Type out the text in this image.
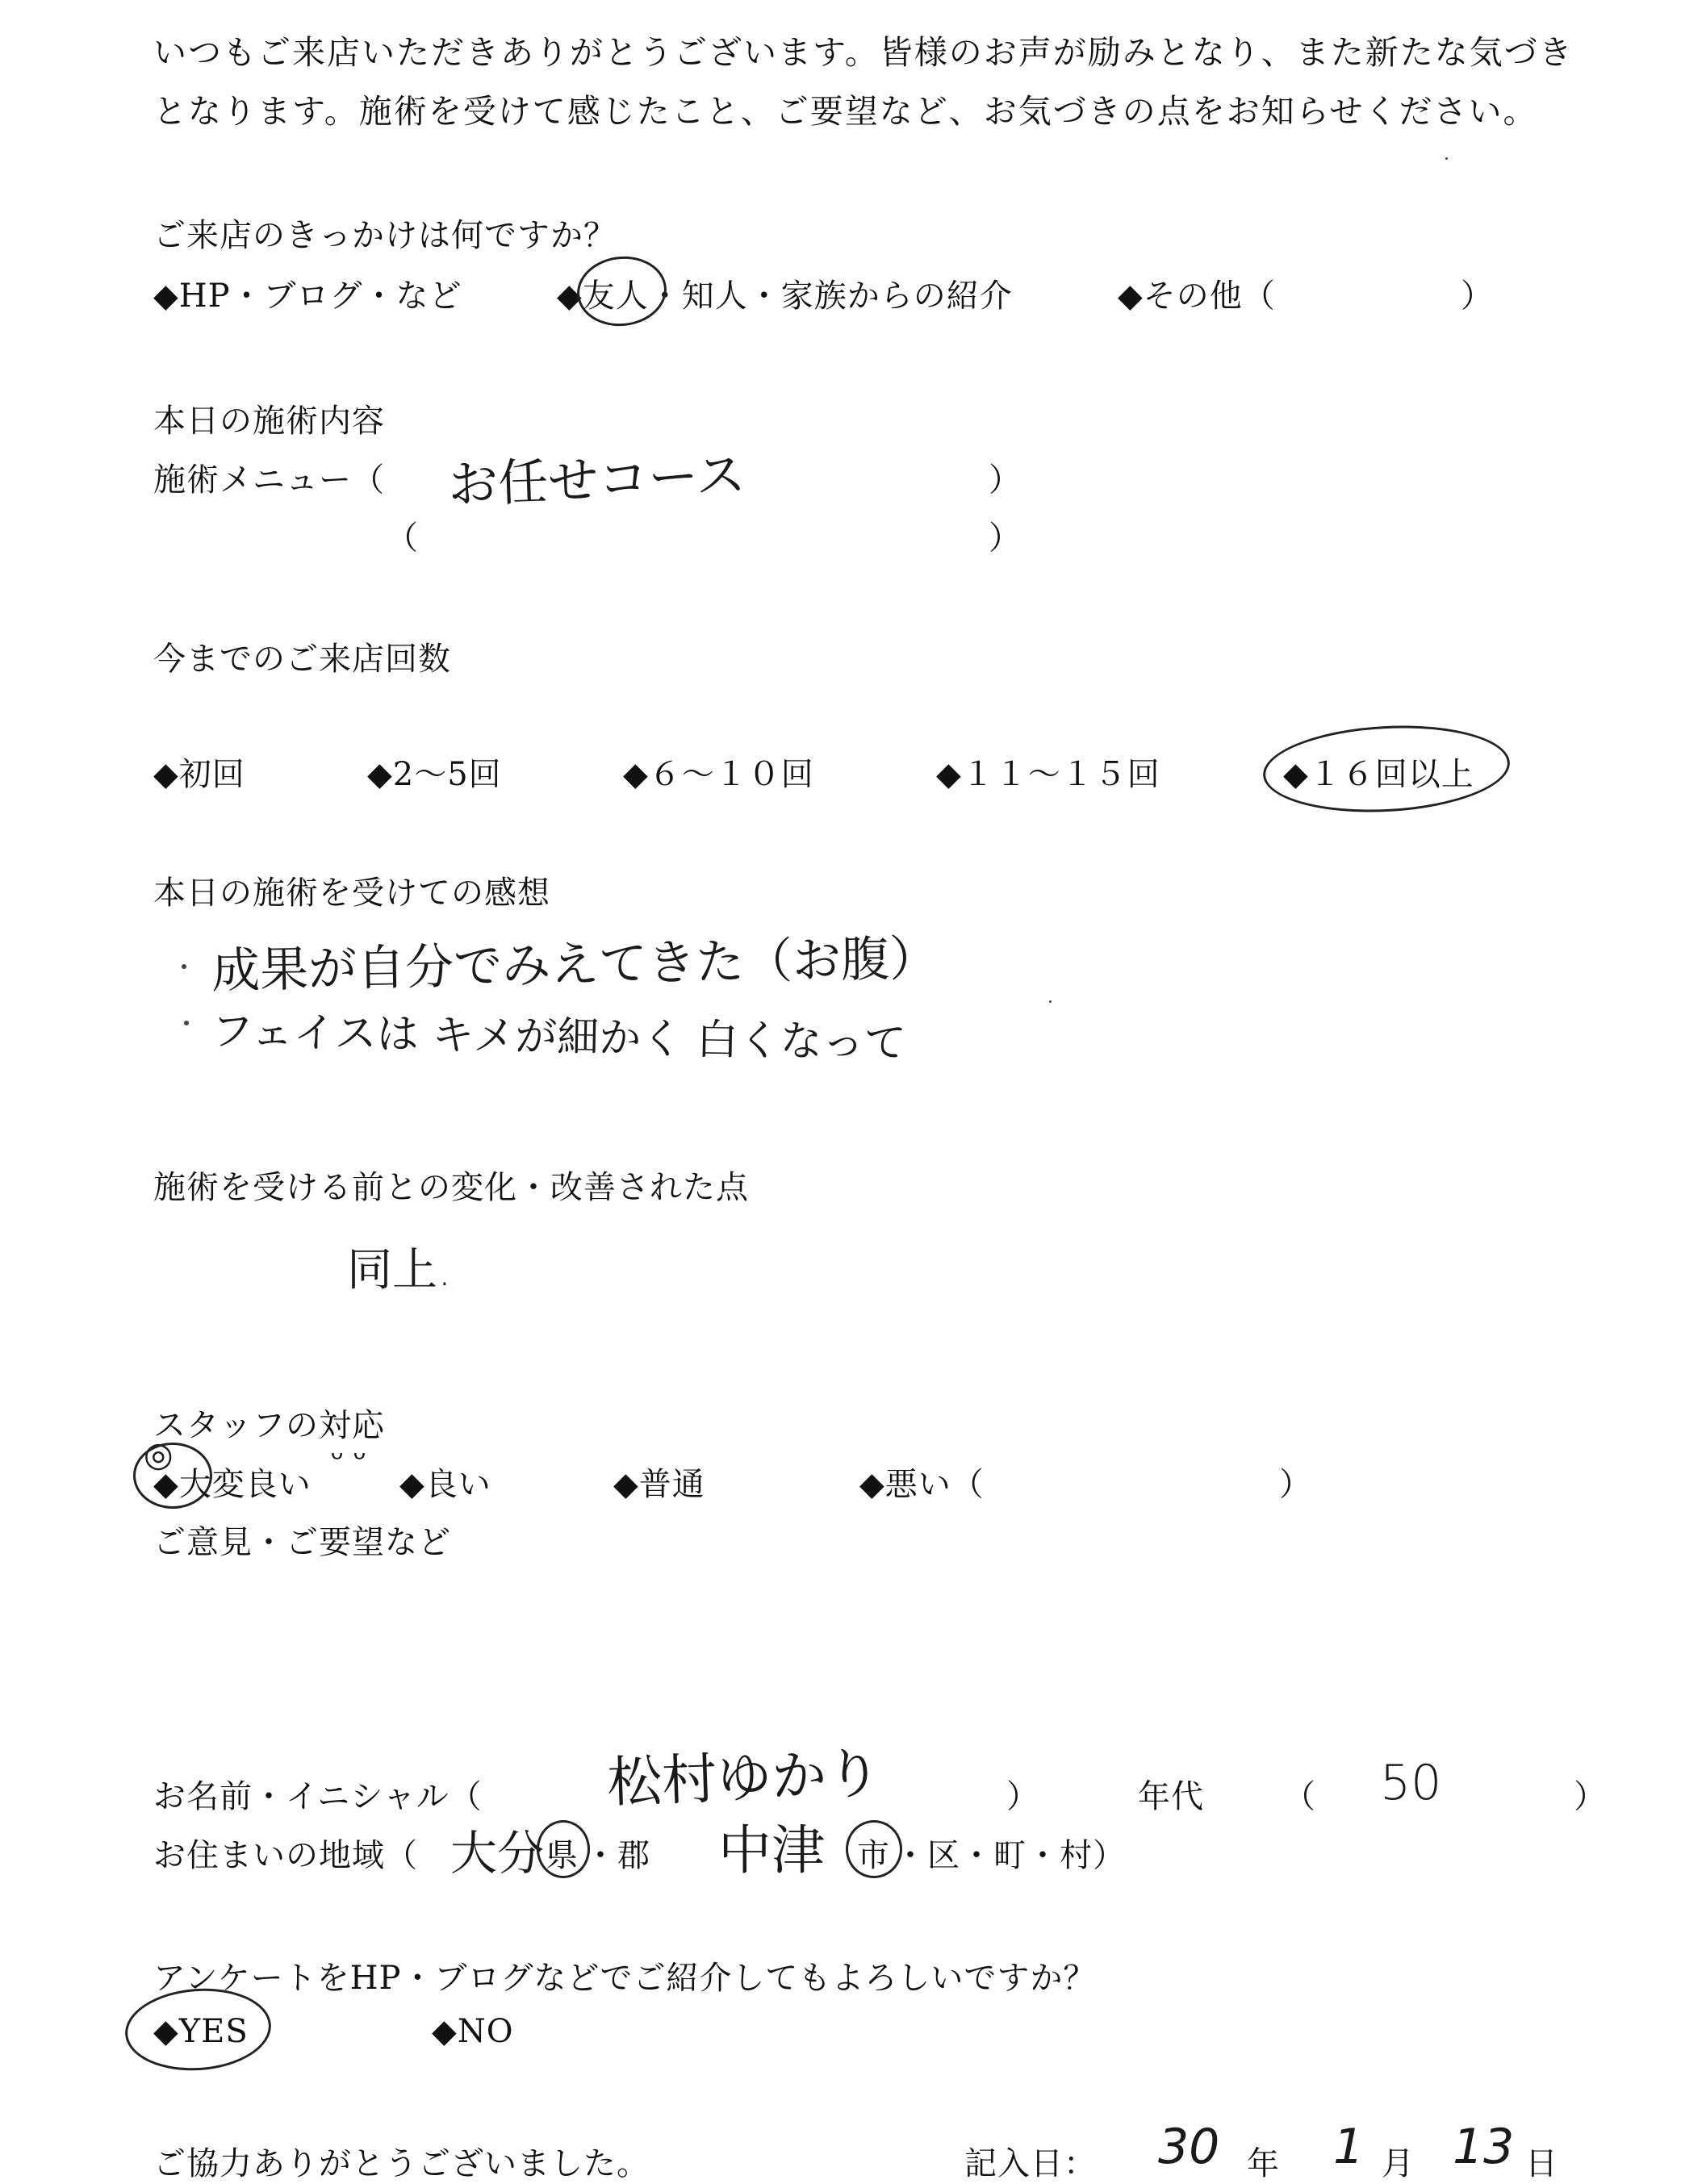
いつもご来店いただきありがとうございます。皆様のお声が励みとなり、また新たな気づき
となります。施術を受けて感じたこと、ご要望など、お気づきの点をお知らせください。
ご来店のきっかけは何ですか？
◆HP・ブログ・など	◆友人・知人・家族からの紹介	◆その他（	）
本日の施術内容
施術メニュー（	）
（	）
お任せコース
今までのご来店回数
◆初回	◆2〜5回	◆６〜１０回	◆１１〜１５回	◆１６回以上
本日の施術を受けての感想
成果が自分でみえてきた（お腹）
フェイスは キメが細かく 白くなって
施術を受ける前との変化・改善された点
同上.
スタッフの対応
◎
◆大変良い
ᵕ ᵕ
◆良い	◆普通	◆悪い（	）
ご意見・ご要望など
お名前・イニシャル（ 松村ゆかり	）	年代 （ 50	）
お住まいの地域（ 大分 県 ・郡 中津 市 ・区・町・村）
アンケートをHP・ブログなどでご紹介してもよろしいですか？
◆YES	◆NO
ご協力ありがとうございました。	記入日： 30 年 1 月 13 日
